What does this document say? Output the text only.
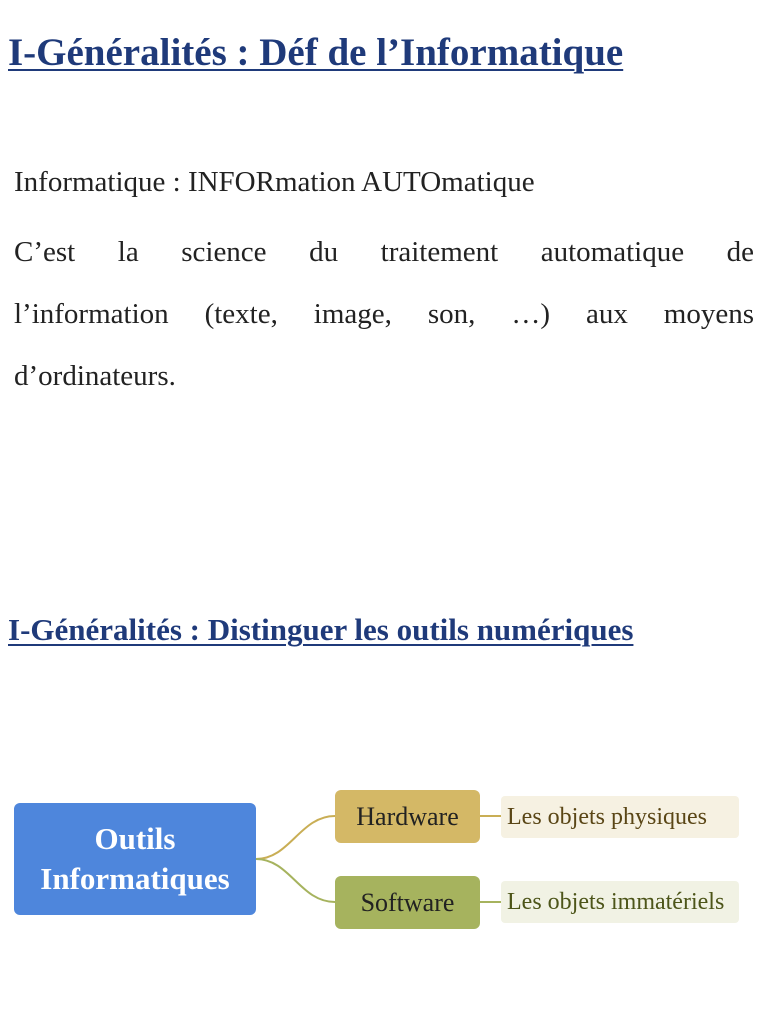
I-Généralités : Déf de l’Informatique

Informatique : INFORmation AUTOmatique

C’est la science du traitement automatique de

l’information (texte, image, son, …) aux moyens

d’ordinateurs.

I-Généralités : Distinguer les outils numériques
Outils
Informatiques
Hardware
Software
Les objets physiques
Les objets immatériels
